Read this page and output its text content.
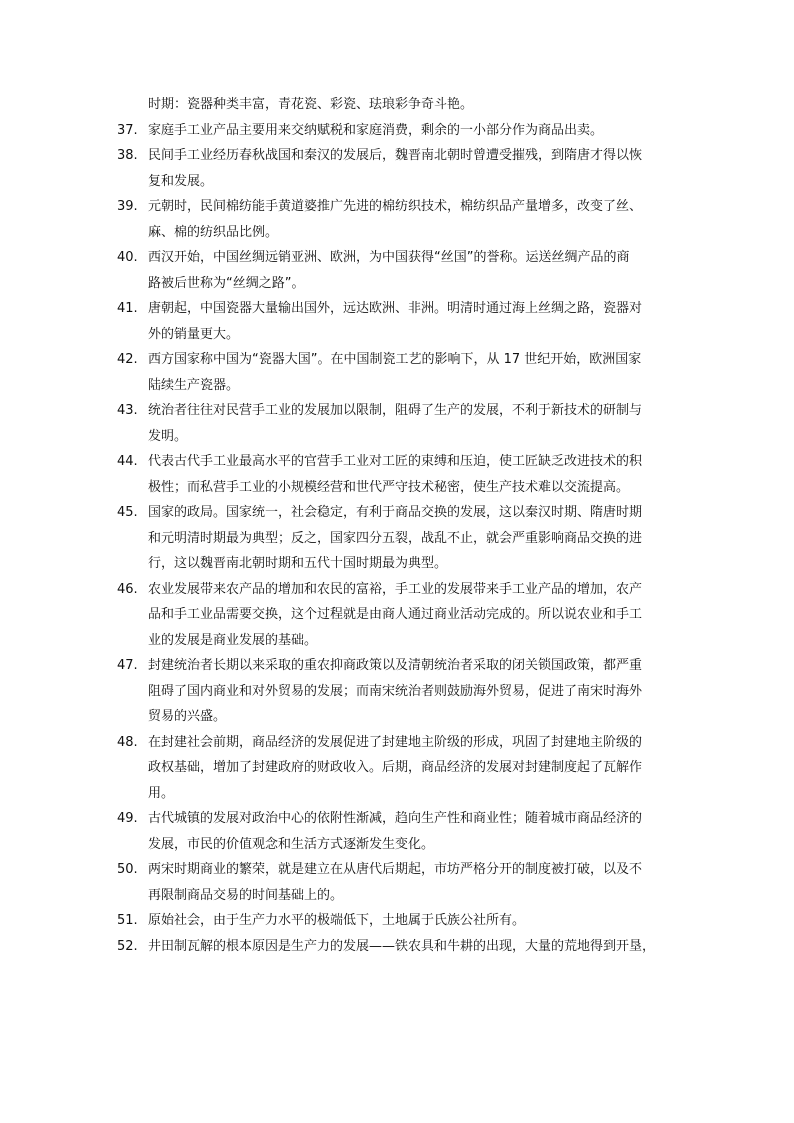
时期：瓷器种类丰富，青花瓷、彩瓷、珐琅彩争奇斗艳。
37. 家庭手工业产品主要用来交纳赋税和家庭消费，剩余的一小部分作为商品出卖。
38. 民间手工业经历春秋战国和秦汉的发展后，魏晋南北朝时曾遭受摧残，到隋唐才得以恢
复和发展。
39. 元朝时，民间棉纺能手黄道婆推广先进的棉纺织技术，棉纺织品产量增多，改变了丝、
麻、棉的纺织品比例。
40. 西汉开始，中国丝绸远销亚洲、欧洲，为中国获得“丝国”的誉称。运送丝绸产品的商
路被后世称为“丝绸之路”。
41. 唐朝起，中国瓷器大量输出国外，远达欧洲、非洲。明清时通过海上丝绸之路，瓷器对
外的销量更大。
42. 西方国家称中国为“瓷器大国”。在中国制瓷工艺的影响下，从 17 世纪开始，欧洲国家
陆续生产瓷器。
43. 统治者往往对民营手工业的发展加以限制，阻碍了生产的发展，不利于新技术的研制与
发明。
44. 代表古代手工业最高水平的官营手工业对工匠的束缚和压迫，使工匠缺乏改进技术的积
极性；而私营手工业的小规模经营和世代严守技术秘密，使生产技术难以交流提高。
45. 国家的政局。国家统一，社会稳定，有利于商品交换的发展，这以秦汉时期、隋唐时期
和元明清时期最为典型；反之，国家四分五裂，战乱不止，就会严重影响商品交换的进
行，这以魏晋南北朝时期和五代十国时期最为典型。
46. 农业发展带来农产品的增加和农民的富裕，手工业的发展带来手工业产品的增加，农产
品和手工业品需要交换，这个过程就是由商人通过商业活动完成的。所以说农业和手工
业的发展是商业发展的基础。
47. 封建统治者长期以来采取的重农抑商政策以及清朝统治者采取的闭关锁国政策，都严重
阻碍了国内商业和对外贸易的发展；而南宋统治者则鼓励海外贸易，促进了南宋时海外
贸易的兴盛。
48. 在封建社会前期，商品经济的发展促进了封建地主阶级的形成，巩固了封建地主阶级的
政权基础，增加了封建政府的财政收入。后期，商品经济的发展对封建制度起了瓦解作
用。
49. 古代城镇的发展对政治中心的依附性渐减，趋向生产性和商业性；随着城市商品经济的
发展，市民的价值观念和生活方式逐渐发生变化。
50. 两宋时期商业的繁荣，就是建立在从唐代后期起，市坊严格分开的制度被打破，以及不
再限制商品交易的时间基础上的。
51. 原始社会，由于生产力水平的极端低下，土地属于氏族公社所有。
52. 井田制瓦解的根本原因是生产力的发展——铁农具和牛耕的出现，大量的荒地得到开垦，
